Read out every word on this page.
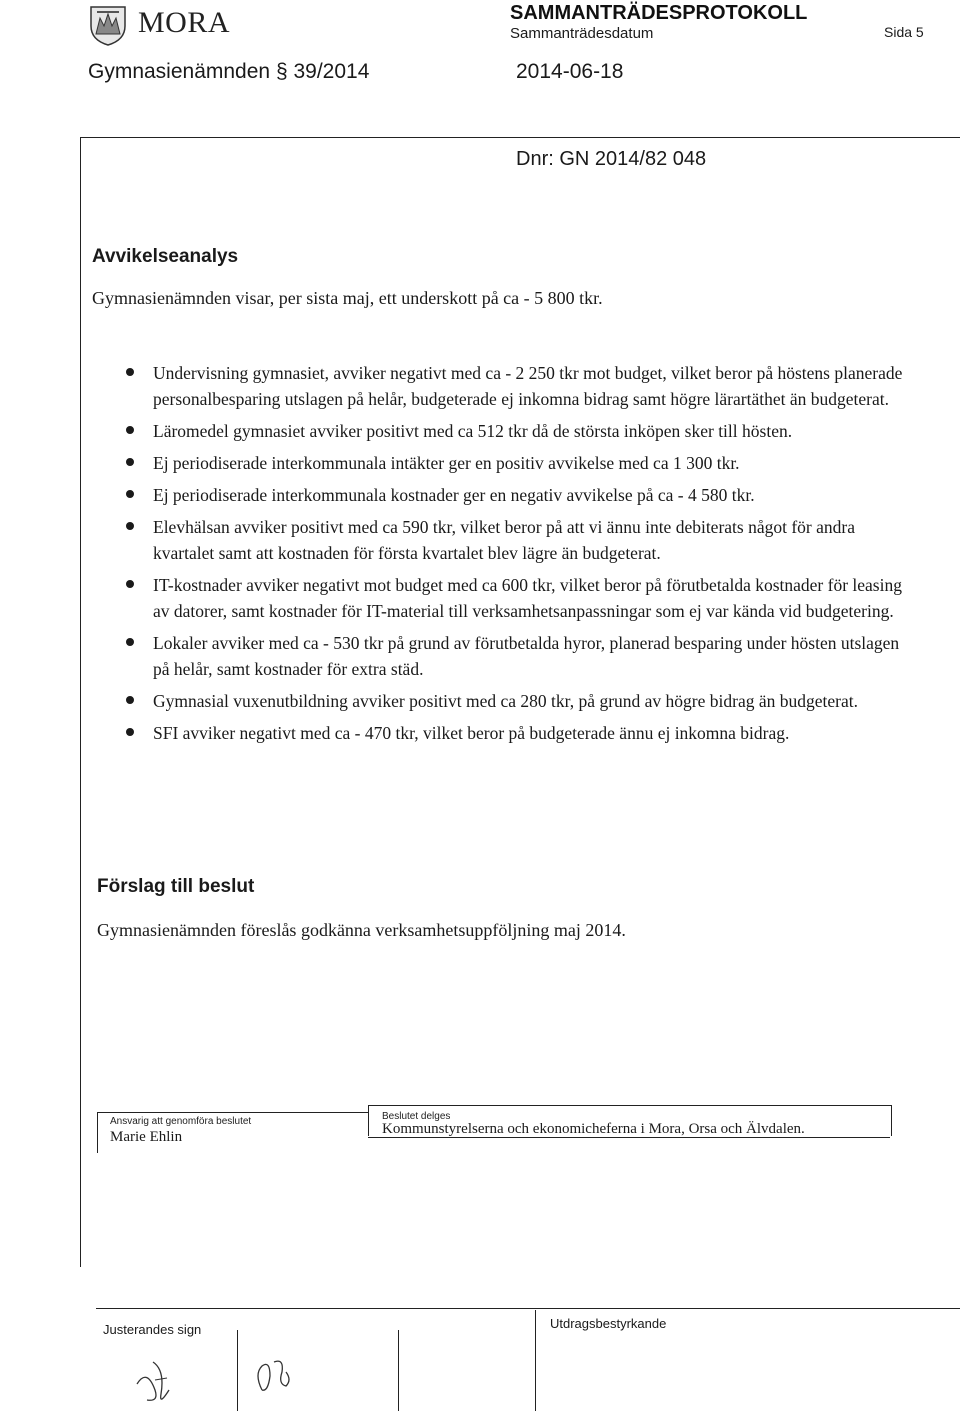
MORA	SAMMANTRÄDESPROTOKOLL
Sammanträdesdatum	Sida 5
Gymnasienämnden § 39/2014	2014-06-18
Dnr: GN 2014/82 048
Avvikelseanalys
Gymnasienämnden visar, per sista maj, ett underskott på ca - 5 800 tkr.
Undervisning gymnasiet, avviker negativt med ca - 2 250 tkr mot budget, vilket beror på höstens planerade personalbesparing utslagen på helår, budgeterade ej inkomna bidrag samt högre lärartäthet än budgeterat.
Läromedel gymnasiet avviker positivt med ca 512 tkr då de största inköpen sker till hösten.
Ej periodiserade interkommunala intäkter ger en positiv avvikelse med ca 1 300 tkr.
Ej periodiserade interkommunala kostnader ger en negativ avvikelse på ca - 4 580 tkr.
Elevhälsan avviker positivt med ca 590 tkr, vilket beror på att vi ännu inte debiterats något för andra kvartalet samt att kostnaden för första kvartalet blev lägre än budgeterat.
IT-kostnader avviker negativt mot budget med ca 600 tkr, vilket beror på förutbetalda kostnader för leasing av datorer, samt kostnader för IT-material till verksamhetsanpassningar som ej var kända vid budgetering.
Lokaler avviker med ca - 530 tkr på grund av förutbetalda hyror, planerad besparing under hösten utslagen på helår, samt kostnader för extra städ.
Gymnasial vuxenutbildning avviker positivt med ca 280 tkr, på grund av högre bidrag än budgeterat.
SFI avviker negativt med ca - 470 tkr, vilket beror på budgeterade ännu ej inkomna bidrag.
Förslag till beslut
Gymnasienämnden föreslås godkänna verksamhetsuppföljning maj 2014.
Ansvarig att genomföra beslutet
Marie Ehlin
Beslutet delges
Kommunstyrelserna och ekonomicheferna i Mora, Orsa och Älvdalen.
Justerandes sign	Utdragsbestyrkande
